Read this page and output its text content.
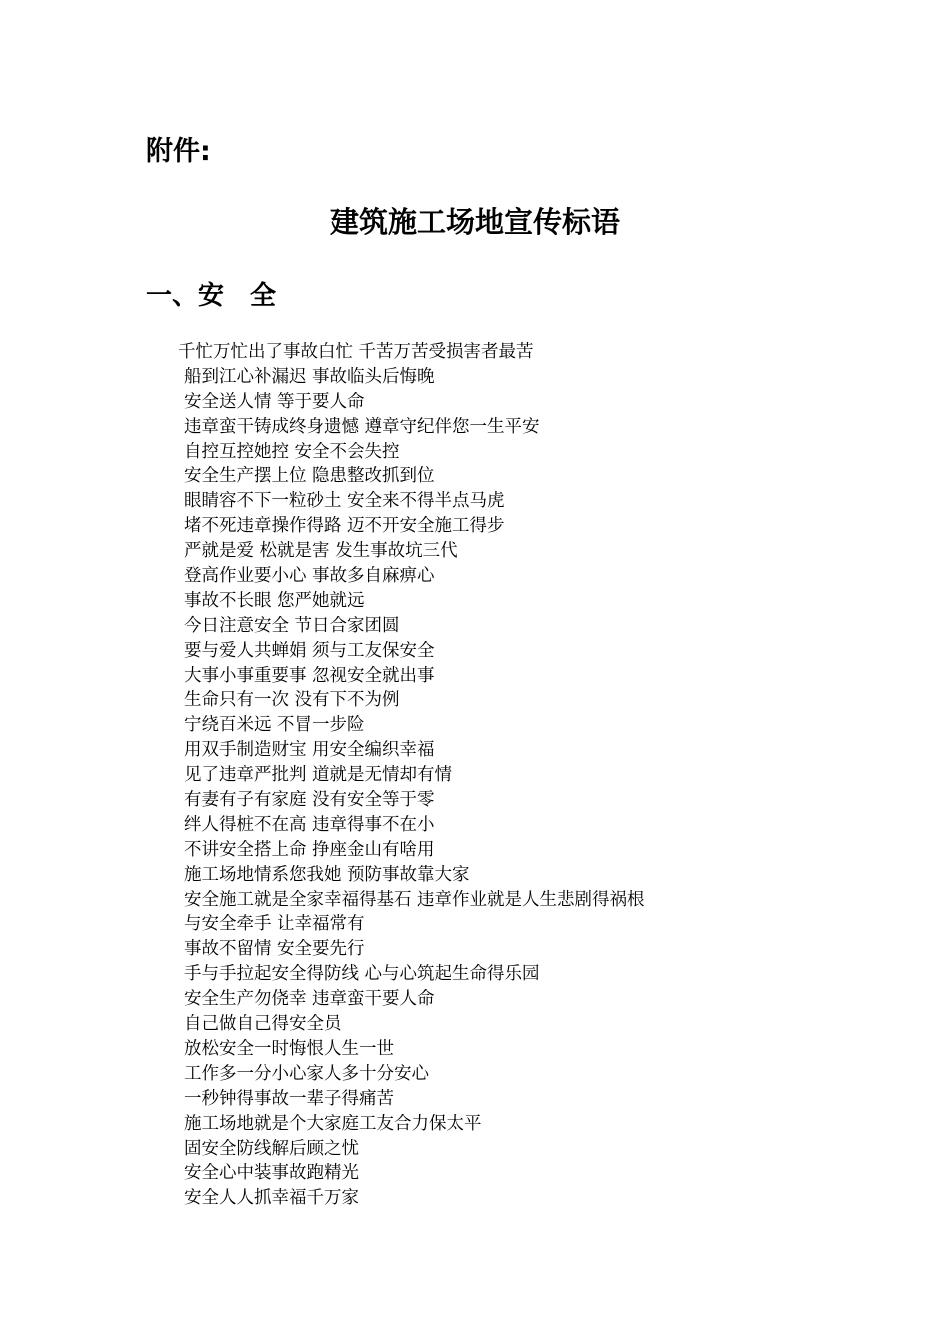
附件:
建筑施工场地宣传标语
一、安　全
千忙万忙出了事故白忙 千苦万苦受损害者最苦
船到江心补漏迟 事故临头后悔晚
安全送人情 等于要人命
违章蛮干铸成终身遗憾 遵章守纪伴您一生平安
自控互控她控 安全不会失控
安全生产摆上位 隐患整改抓到位
眼睛容不下一粒砂土 安全来不得半点马虎
堵不死违章操作得路 迈不开安全施工得步
严就是爱 松就是害 发生事故坑三代
登高作业要小心 事故多自麻痹心
事故不长眼 您严她就远
今日注意安全 节日合家团圆
要与爱人共蝉娟 须与工友保安全
大事小事重要事 忽视安全就出事
生命只有一次 没有下不为例
宁绕百米远 不冒一步险
用双手制造财宝 用安全编织幸福
见了违章严批判 道就是无情却有情
有妻有子有家庭 没有安全等于零
绊人得桩不在高 违章得事不在小
不讲安全搭上命 挣座金山有啥用
施工场地情系您我她 预防事故靠大家
安全施工就是全家幸福得基石 违章作业就是人生悲剧得祸根
与安全牵手 让幸福常有
事故不留情 安全要先行
手与手拉起安全得防线 心与心筑起生命得乐园
安全生产勿侥幸 违章蛮干要人命
自己做自己得安全员
放松安全一时悔恨人生一世
工作多一分小心家人多十分安心
一秒钟得事故一辈子得痛苦
施工场地就是个大家庭工友合力保太平
固安全防线解后顾之忧
安全心中装事故跑精光
安全人人抓幸福千万家
